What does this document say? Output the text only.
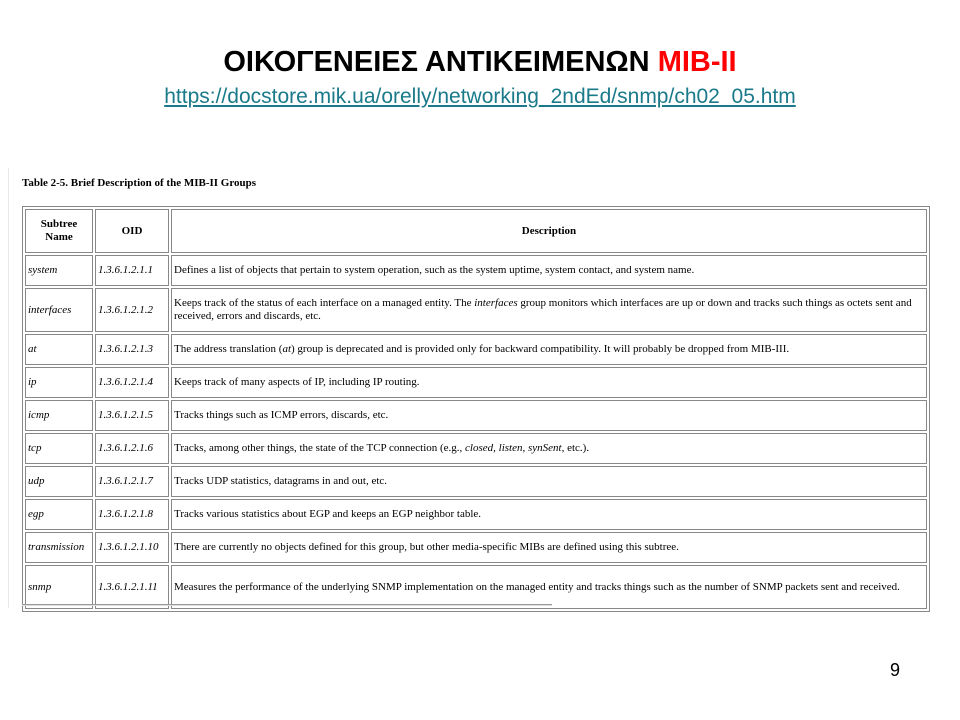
ΟΙΚΟΓΕΝΕΙΕΣ ΑΝΤΙΚΕΙΜΕΝΩΝ MIB-II
https://docstore.mik.ua/orelly/networking_2ndEd/snmp/ch02_05.htm
Table 2-5. Brief Description of the MIB-II Groups
Subtree
Name	OID	Description
system	1.3.6.1.2.1.1	Defines a list of objects that pertain to system operation, such as the system uptime, system contact, and system name.
interfaces	1.3.6.1.2.1.2	Keeps track of the status of each interface on a managed entity. The interfaces group monitors which interfaces are up or down and tracks such things as octets sent and received, errors and discards, etc.
at	1.3.6.1.2.1.3	The address translation (at) group is deprecated and is provided only for backward compatibility. It will probably be dropped from MIB-III.
ip	1.3.6.1.2.1.4	Keeps track of many aspects of IP, including IP routing.
icmp	1.3.6.1.2.1.5	Tracks things such as ICMP errors, discards, etc.
tcp	1.3.6.1.2.1.6	Tracks, among other things, the state of the TCP connection (e.g., closed, listen, synSent, etc.).
udp	1.3.6.1.2.1.7	Tracks UDP statistics, datagrams in and out, etc.
egp	1.3.6.1.2.1.8	Tracks various statistics about EGP and keeps an EGP neighbor table.
transmission	1.3.6.1.2.1.10	There are currently no objects defined for this group, but other media-specific MIBs are defined using this subtree.
snmp	1.3.6.1.2.1.11	Measures the performance of the underlying SNMP implementation on the managed entity and tracks things such as the number of SNMP packets sent and received.
9
